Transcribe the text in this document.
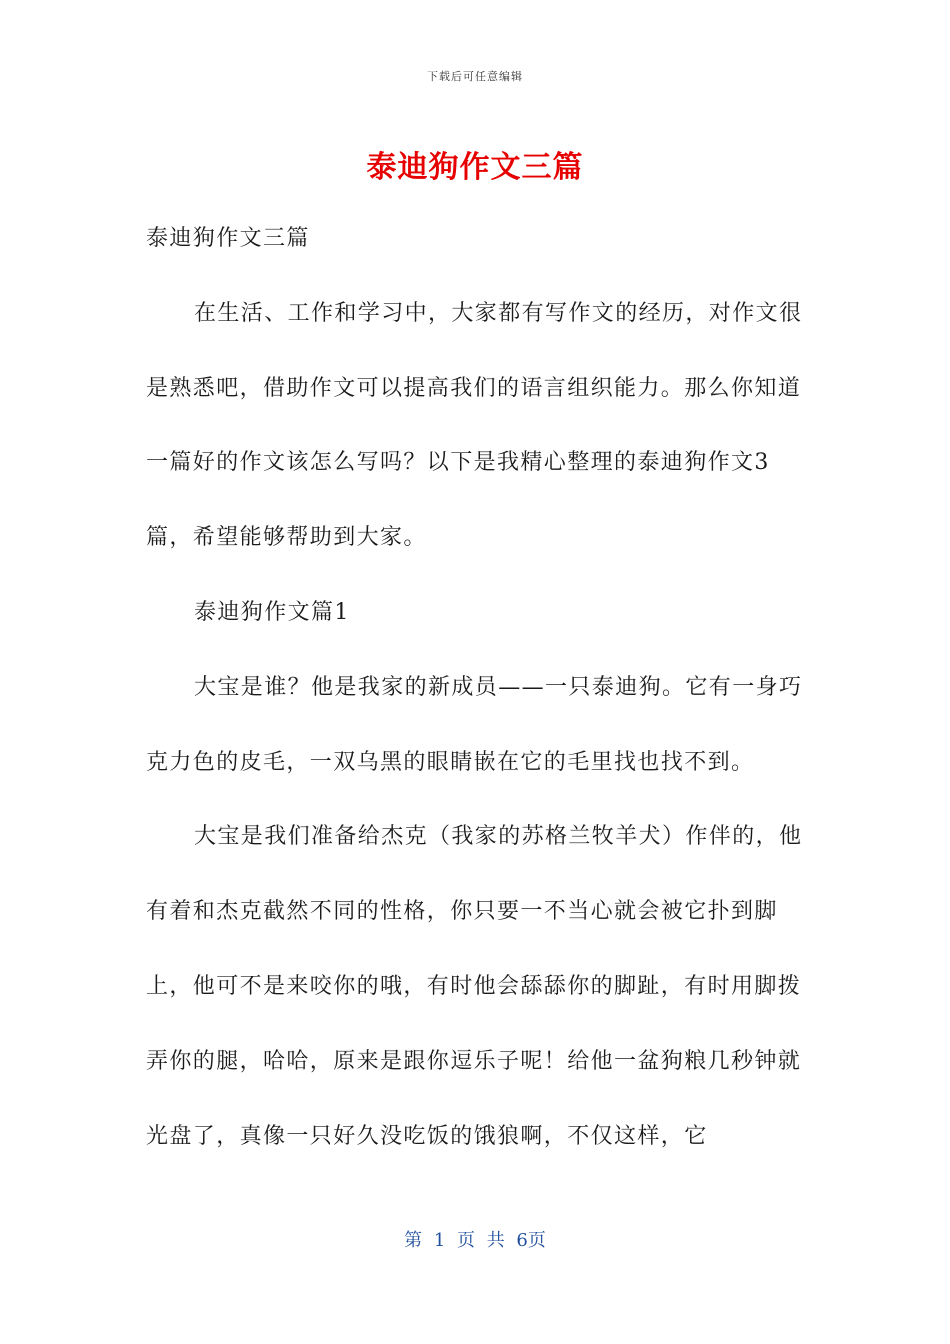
下载后可任意编辑
泰迪狗作文三篇

泰迪狗作文三篇

在生活、工作和学习中，大家都有写作文的经历，对作文很是熟悉吧，借助作文可以提高我们的语言组织能力。那么你知道一篇好的作文该怎么写吗？以下是我精心整理的泰迪狗作文3篇，希望能够帮助到大家。

泰迪狗作文篇1

大宝是谁？他是我家的新成员——一只泰迪狗。它有一身巧克力色的皮毛，一双乌黑的眼睛嵌在它的毛里找也找不到。

大宝是我们准备给杰克（我家的苏格兰牧羊犬）作伴的，他有着和杰克截然不同的性格，你只要一不当心就会被它扑到脚上，他可不是来咬你的哦，有时他会舔舔你的脚趾，有时用脚拨弄你的腿，哈哈，原来是跟你逗乐子呢！给他一盆狗粮几秒钟就光盘了，真像一只好久没吃饭的饿狼啊，不仅这样，它

第 1 页 共 6页
